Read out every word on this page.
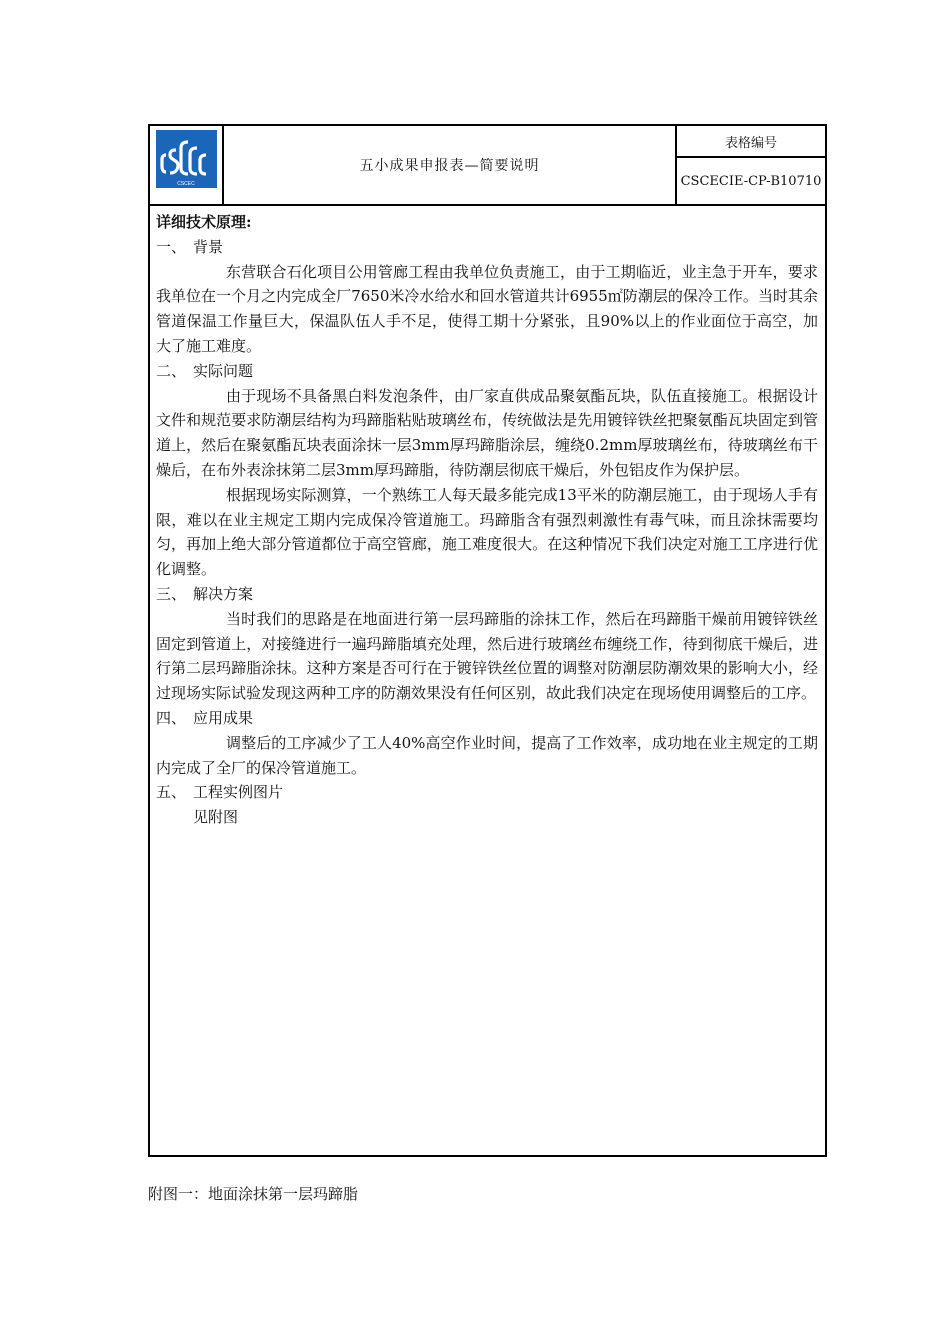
CSCEC
五小成果申报表—简要说明
表格编号
CSCECIE-CP-B10710

详细技术原理:

一、 背景

东营联合石化项目公用管廊工程由我单位负责施工，由于工期临近，业主急于开车，要求我单位在一个月之内完成全厂7650米冷水给水和回水管道共计6955㎡防潮层的保冷工作。当时其余管道保温工作量巨大，保温队伍人手不足，使得工期十分紧张，且90%以上的作业面位于高空，加大了施工难度。

二、 实际问题

由于现场不具备黑白料发泡条件，由厂家直供成品聚氨酯瓦块，队伍直接施工。根据设计文件和规范要求防潮层结构为玛蹄脂粘贴玻璃丝布，传统做法是先用镀锌铁丝把聚氨酯瓦块固定到管道上，然后在聚氨酯瓦块表面涂抹一层3mm厚玛蹄脂涂层，缠绕0.2mm厚玻璃丝布，待玻璃丝布干燥后，在布外表涂抹第二层3mm厚玛蹄脂，待防潮层彻底干燥后，外包铝皮作为保护层。

根据现场实际测算，一个熟练工人每天最多能完成13平米的防潮层施工，由于现场人手有限，难以在业主规定工期内完成保冷管道施工。玛蹄脂含有强烈刺激性有毒气味，而且涂抹需要均匀，再加上绝大部分管道都位于高空管廊，施工难度很大。在这种情况下我们决定对施工工序进行优化调整。

三、 解决方案

当时我们的思路是在地面进行第一层玛蹄脂的涂抹工作，然后在玛蹄脂干燥前用镀锌铁丝固定到管道上，对接缝进行一遍玛蹄脂填充处理，然后进行玻璃丝布缠绕工作，待到彻底干燥后，进行第二层玛蹄脂涂抹。这种方案是否可行在于镀锌铁丝位置的调整对防潮层防潮效果的影响大小，经过现场实际试验发现这两种工序的防潮效果没有任何区别，故此我们决定在现场使用调整后的工序。

四、 应用成果

调整后的工序减少了工人40%高空作业时间，提高了工作效率，成功地在业主规定的工期内完成了全厂的保冷管道施工。

五、 工程实例图片

见附图

附图一：地面涂抹第一层玛蹄脂
